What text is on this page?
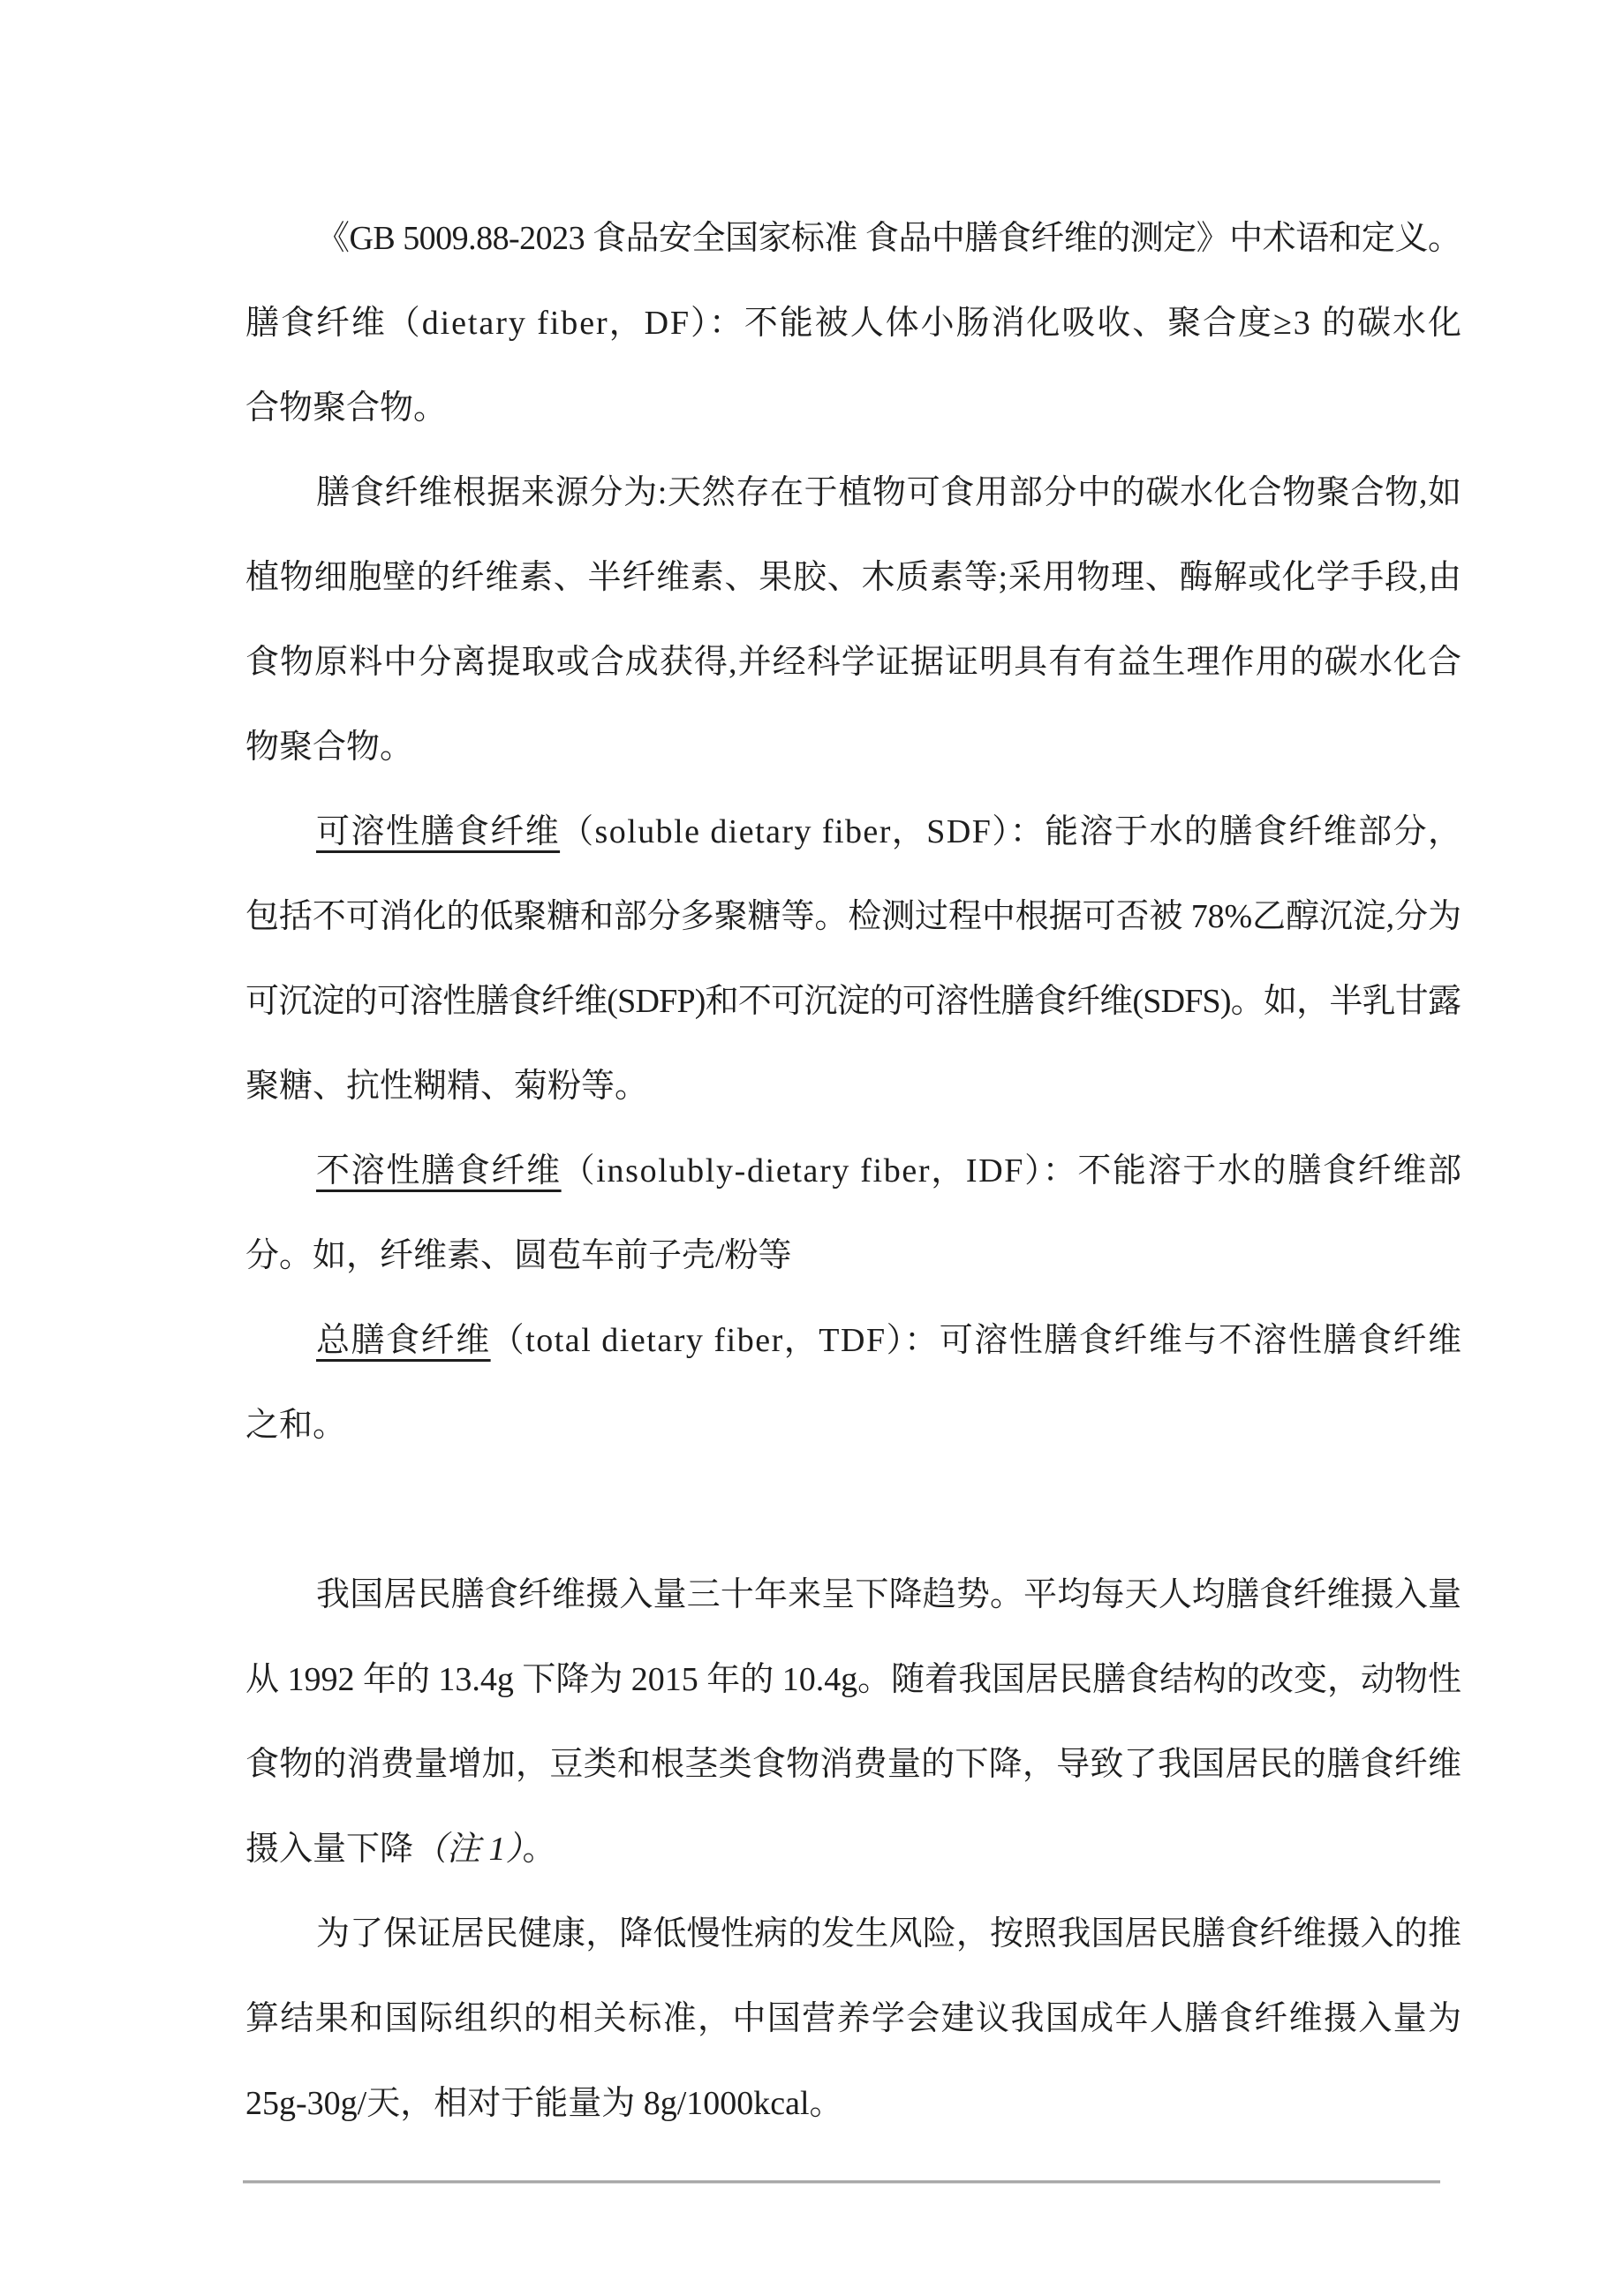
《GB 5009.88-2023 食品安全国家标准 食品中膳食纤维的测定》中术语和定义。
膳食纤维（dietary fiber，DF）：不能被人体小肠消化吸收、聚合度≥3 的碳水化
合物聚合物。
膳食纤维根据来源分为:天然存在于植物可食用部分中的碳水化合物聚合物,如
植物细胞壁的纤维素、半纤维素、果胶、木质素等;采用物理、酶解或化学手段,由
食物原料中分离提取或合成获得,并经科学证据证明具有有益生理作用的碳水化合
物聚合物。
可溶性膳食纤维（soluble dietary fiber，SDF）：能溶于水的膳食纤维部分，
包括不可消化的低聚糖和部分多聚糖等。检测过程中根据可否被 78%乙醇沉淀,分为
可沉淀的可溶性膳食纤维(SDFP)和不可沉淀的可溶性膳食纤维(SDFS)。如，半乳甘露
聚糖、抗性糊精、菊粉等。
不溶性膳食纤维（insolubly-dietary fiber，IDF）：不能溶于水的膳食纤维部
分。如，纤维素、圆苞车前子壳/粉等
总膳食纤维（total dietary fiber，TDF）：可溶性膳食纤维与不溶性膳食纤维
之和。
我国居民膳食纤维摄入量三十年来呈下降趋势。平均每天人均膳食纤维摄入量
从 1992 年的 13.4g 下降为 2015 年的 10.4g。随着我国居民膳食结构的改变，动物性
食物的消费量增加，豆类和根茎类食物消费量的下降，导致了我国居民的膳食纤维
摄入量下降（注 1）。
为了保证居民健康，降低慢性病的发生风险，按照我国居民膳食纤维摄入的推
算结果和国际组织的相关标准，中国营养学会建议我国成年人膳食纤维摄入量为
25g-30g/天，相对于能量为 8g/1000kcal。
